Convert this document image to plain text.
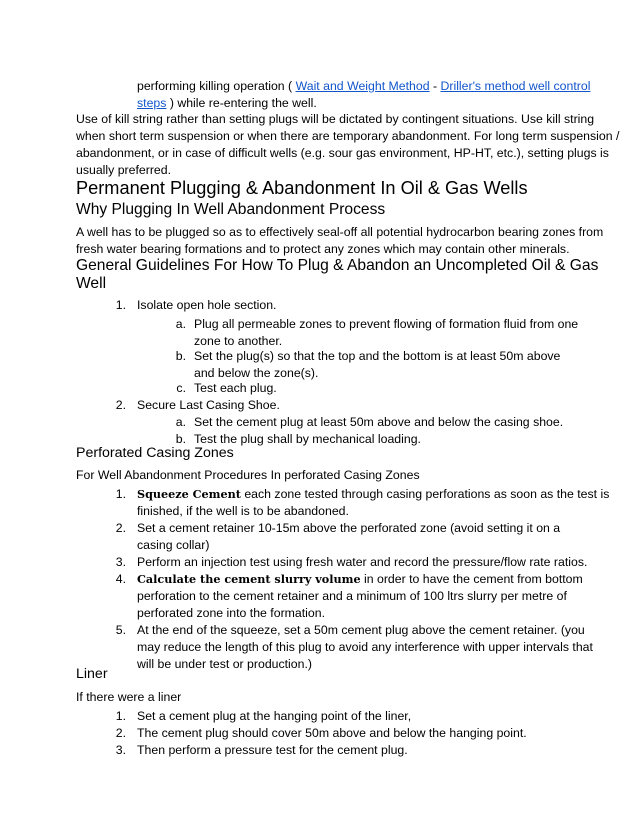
performing killing operation ( Wait and Weight Method - Driller's method well control
steps ) while re-entering the well.
Use of kill string rather than setting plugs will be dictated by contingent situations. Use kill string
when short term suspension or when there are temporary abandonment. For long term suspension /
abandonment, or in case of difficult wells (e.g. sour gas environment, HP-HT, etc.), setting plugs is
usually preferred.
Permanent Plugging & Abandonment In Oil & Gas Wells
Why Plugging In Well Abandonment Process
A well has to be plugged so as to effectively seal-off all potential hydrocarbon bearing zones from
fresh water bearing formations and to protect any zones which may contain other minerals.
General Guidelines For How To Plug & Abandon an Uncompleted Oil & Gas
Well
1. Isolate open hole section.
a. Plug all permeable zones to prevent flowing of formation fluid from one
zone to another.
b. Set the plug(s) so that the top and the bottom is at least 50m above
and below the zone(s).
c. Test each plug.
2. Secure Last Casing Shoe.
a. Set the cement plug at least 50m above and below the casing shoe.
b. Test the plug shall by mechanical loading.
Perforated Casing Zones
For Well Abandonment Procedures In perforated Casing Zones
1. Squeeze Cement each zone tested through casing perforations as soon as the test is
finished, if the well is to be abandoned.
2. Set a cement retainer 10-15m above the perforated zone (avoid setting it on a
casing collar)
3. Perform an injection test using fresh water and record the pressure/flow rate ratios.
4. Calculate the cement slurry volume in order to have the cement from bottom
perforation to the cement retainer and a minimum of 100 ltrs slurry per metre of
perforated zone into the formation.
5. At the end of the squeeze, set a 50m cement plug above the cement retainer. (you
may reduce the length of this plug to avoid any interference with upper intervals that
will be under test or production.)
Liner
If there were a liner
1. Set a cement plug at the hanging point of the liner,
2. The cement plug should cover 50m above and below the hanging point.
3. Then perform a pressure test for the cement plug.
